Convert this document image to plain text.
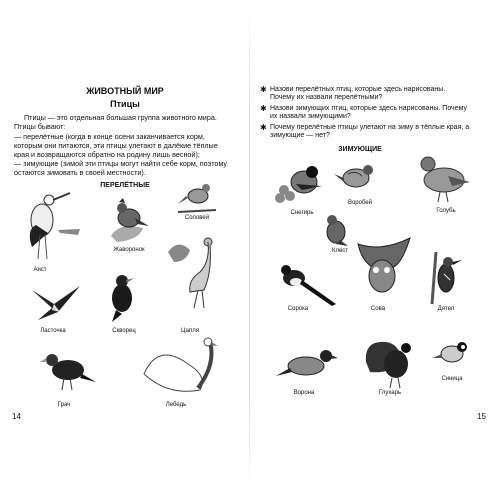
ЖИВОТНЫЙ МИР
Птицы
Птицы — это отдельная большая группа животного мира. Птицы бывают:
— перелётные (когда в конце осени заканчивается корм, которым они питаются, эти птицы улетают в далёкие тёплые края и возвращаются обратно на родину лишь весной);
— зимующие (зимой эти птицы могут найти себе корм, поэтому остаются зимовать в своей местности).
ПЕРЕЛЁТНЫЕ
Аист
Жаворонок
Соловей
Ласточка	Скворец	Цапля
Грач	Лебедь
14
✱ Назови перелётных птиц, которые здесь нарисованы. Почему их назвали перелётными?
✱ Назови зимующих птиц, которые здесь нарисованы. Почему их назвали зимующими?
✱ Почему перелётные птицы улетают на зиму в тёплые края, а зимующие — нет?
ЗИМУЮЩИЕ
Снегирь
Воробей
Голубь
Клёст
Сорока	Сова	Дятел
Ворона	Глухарь
Синица
15
